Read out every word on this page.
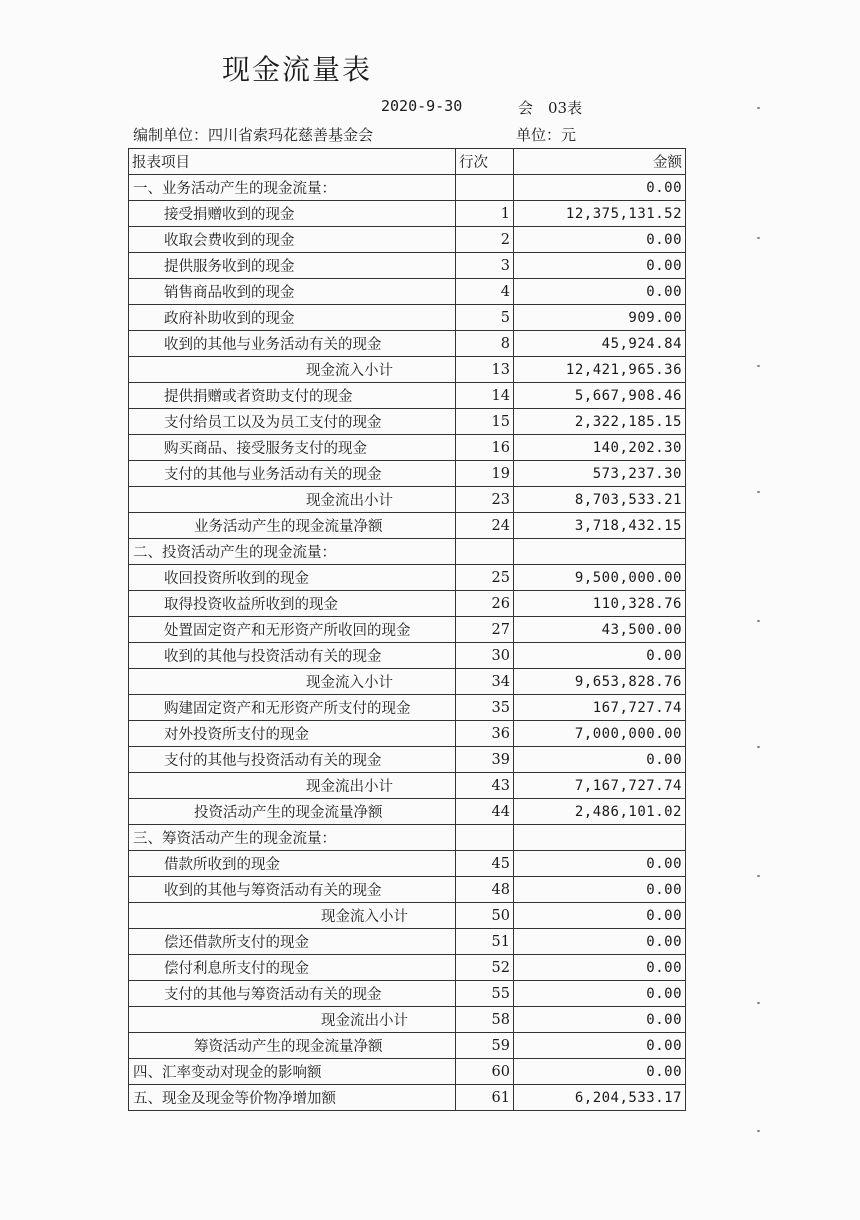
现金流量表
2020-9-30	会　03表
编制单位：四川省索玛花慈善基金会	单位：元
报表项目	行次	金额
一、业务活动产生的现金流量：		0.00
接受捐赠收到的现金	1	12,375,131.52
收取会费收到的现金	2	0.00
提供服务收到的现金	3	0.00
销售商品收到的现金	4	0.00
政府补助收到的现金	5	909.00
收到的其他与业务活动有关的现金	8	45,924.84
现金流入小计	13	12,421,965.36
提供捐赠或者资助支付的现金	14	5,667,908.46
支付给员工以及为员工支付的现金	15	2,322,185.15
购买商品、接受服务支付的现金	16	140,202.30
支付的其他与业务活动有关的现金	19	573,237.30
现金流出小计	23	8,703,533.21
业务活动产生的现金流量净额	24	3,718,432.15
二、投资活动产生的现金流量：		
收回投资所收到的现金	25	9,500,000.00
取得投资收益所收到的现金	26	110,328.76
处置固定资产和无形资产所收回的现金	27	43,500.00
收到的其他与投资活动有关的现金	30	0.00
现金流入小计	34	9,653,828.76
购建固定资产和无形资产所支付的现金	35	167,727.74
对外投资所支付的现金	36	7,000,000.00
支付的其他与投资活动有关的现金	39	0.00
现金流出小计	43	7,167,727.74
投资活动产生的现金流量净额	44	2,486,101.02
三、筹资活动产生的现金流量：		
借款所收到的现金	45	0.00
收到的其他与筹资活动有关的现金	48	0.00
现金流入小计	50	0.00
偿还借款所支付的现金	51	0.00
偿付利息所支付的现金	52	0.00
支付的其他与筹资活动有关的现金	55	0.00
现金流出小计	58	0.00
筹资活动产生的现金流量净额	59	0.00
四、汇率变动对现金的影响额	60	0.00
五、现金及现金等价物净增加额	61	6,204,533.17
